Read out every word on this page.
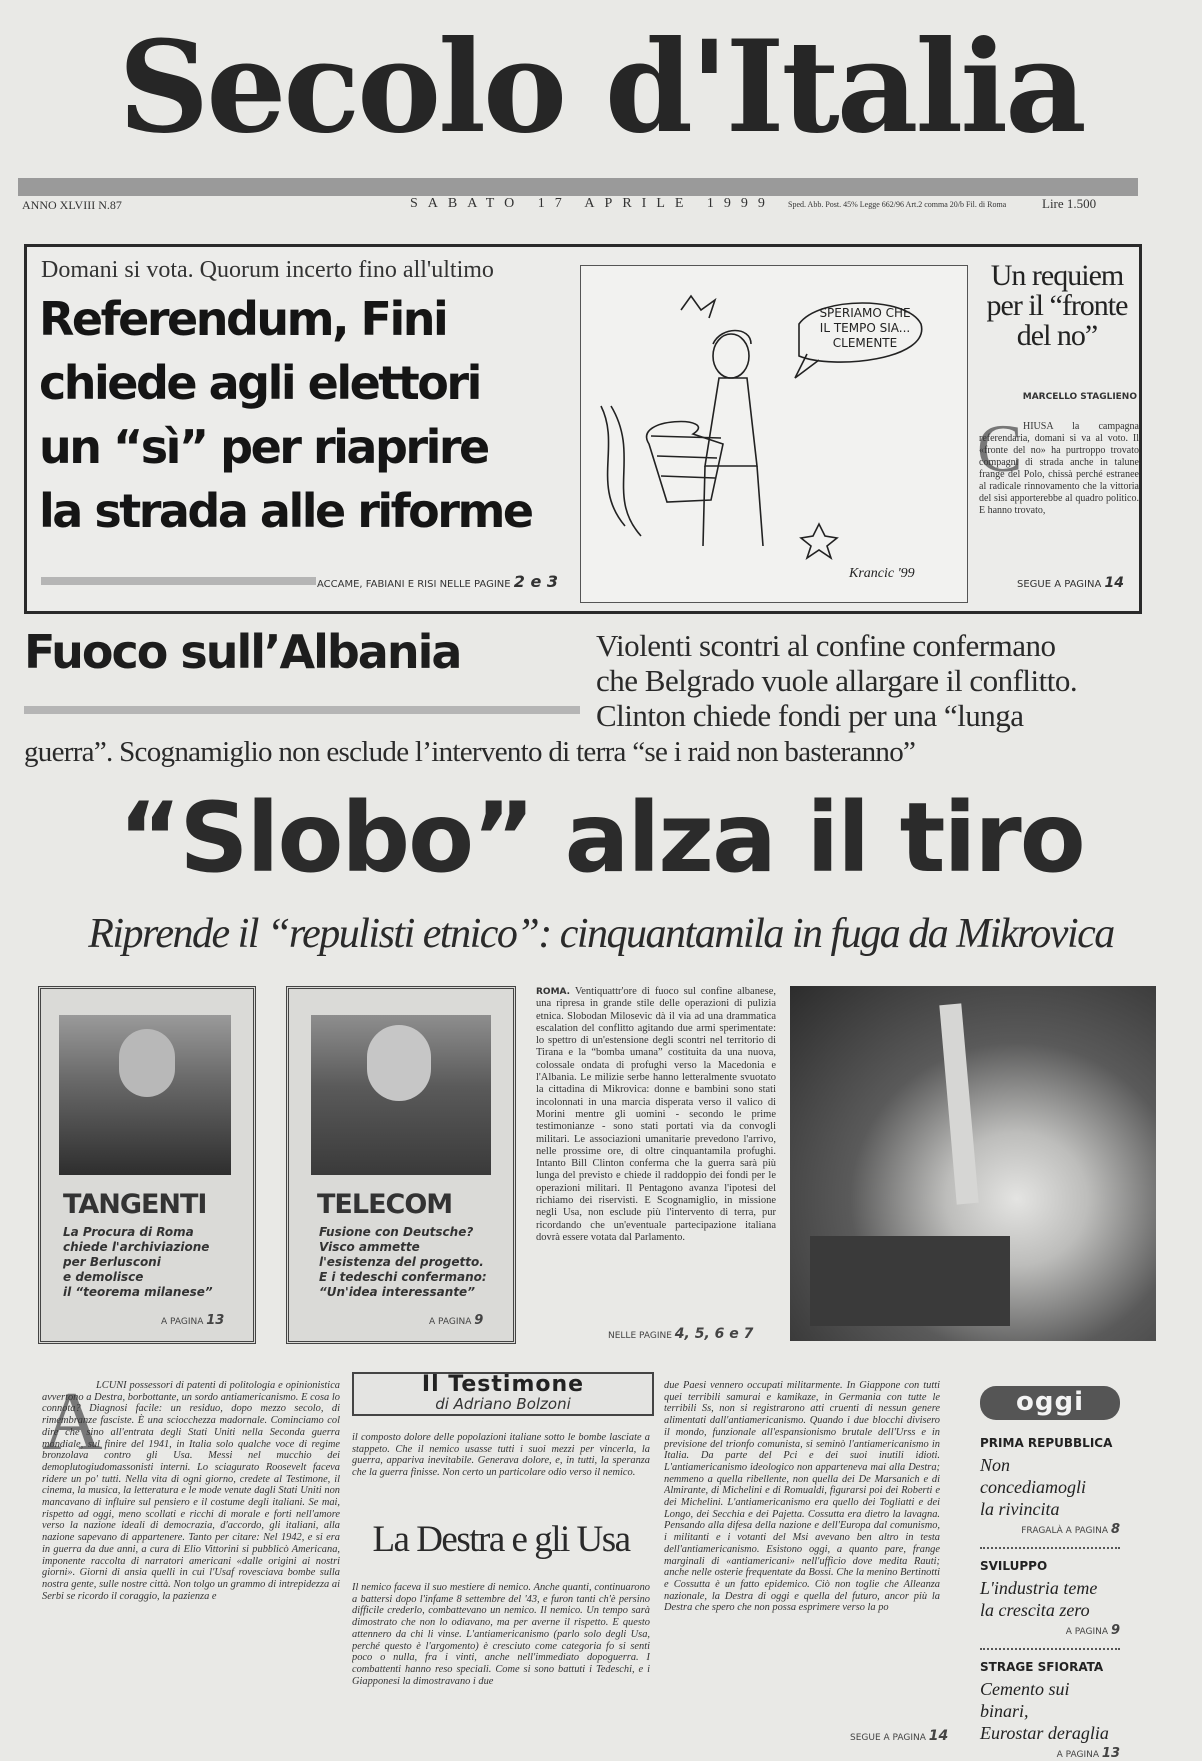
Secolo d'Italia
ANNO XLVIII N.87	SABATO 17 APRILE 1999 Sped. Abb. Post. 45% Legge 662/96 Art.2 comma 20/b Fil. di Roma	Lire 1.500
Domani si vota. Quorum incerto fino all'ultimo
Referendum, Fini
chiede agli elettori
un “sì” per riaprire
la strada alle riforme
ACCAME, FABIANI E RISI NELLE PAGINE 2 e 3
SPERIAMO CHE
IL TEMPO SIA...
CLEMENTE
Krancic '99
Un requiem
per il “fronte
del no”
MARCELLO STAGLIENO
C HIUSA la campagna referendaria, domani si va al voto. Il «fronte del no» ha purtroppo trovato compagni di strada anche in talune frange del Polo, chissà perché estranee al radicale rinnovamento che la vittoria del sìsì apporterebbe al quadro politico. E hanno trovato,
SEGUE A PAGINA 14
Fuoco sull’Albania	Violenti scontri al confine confermano
che Belgrado vuole allargare il conflitto.
Clinton chiede fondi per una “lunga
guerra”. Scognamiglio non esclude l’intervento di terra “se i raid non basteranno”
“Slobo” alza il tiro
Riprende il “repulisti etnico”: cinquantamila in fuga da Mikrovica
TANGENTI
La Procura di Roma
chiede l'archiviazione
per Berlusconi
e demolisce
il “teorema milanese”
A PAGINA 13
TELECOM
Fusione con Deutsche?
Visco ammette
l'esistenza del progetto.
E i tedeschi confermano:
“Un'idea interessante”
A PAGINA 9
ROMA. Ventiquattr'ore di fuoco sul confine albanese, una ripresa in grande stile delle operazioni di pulizia etnica. Slobodan Milosevic dà il via ad una drammatica escalation del conflitto agitando due armi sperimentate: lo spettro di un'estensione degli scontri nel territorio di Tirana e la “bomba umana” costituita da una nuova, colossale ondata di profughi verso la Macedonia e l'Albania. Le milizie serbe hanno letteralmente svuotato la cittadina di Mikrovica: donne e bambini sono stati incolonnati in una marcia disperata verso il valico di Morini mentre gli uomini - secondo le prime testimonianze - sono stati portati via da convogli militari. Le associazioni umanitarie prevedono l'arrivo, nelle prossime ore, di oltre cinquantamila profughi. Intanto Bill Clinton conferma che la guerra sarà più lunga del previsto e chiede il raddoppio dei fondi per le operazioni militari. Il Pentagono avanza l'ipotesi del richiamo dei riservisti. E Scognamiglio, in missione negli Usa, non esclude più l'intervento di terra, pur ricordando che un'eventuale partecipazione italiana dovrà essere votata dal Parlamento.
NELLE PAGINE 4, 5, 6 e 7
A
LCUNI possessori di patenti di politologia e opinionistica avvertono a Destra, borbottante, un sordo antiamericanismo. E cosa lo connota? Diagnosi facile: un residuo, dopo mezzo secolo, di rimembranze fasciste. È una sciocchezza madornale. Cominciamo col dire che sino all'entrata degli Stati Uniti nella Seconda guerra mondiale, sul finire del 1941, in Italia solo qualche voce di regime bronzolava contro gli Usa. Messi nel mucchio dei demoplutogiudomassonisti interni. Lo sciagurato Roosevelt faceva ridere un po' tutti. Nella vita di ogni giorno, credete al Testimone, il cinema, la musica, la letteratura e le mode venute dagli Stati Uniti non mancavano di influire sul pensiero e il costume degli italiani. Se mai, rispetto ad oggi, meno scollati e ricchi di morale e forti nell'amore verso la nazione ideali di democrazia, d'accordo, gli italiani, alla nazione sapevano di appartenere. Tanto per citare: Nel 1942, e si era in guerra da due anni, a cura di Elio Vittorini si pubblicò Americana, imponente raccolta di narratori americani «dalle origini ai nostri giorni». Giorni di ansia quelli in cui l'Usaf rovesciava bombe sulla nostra gente, sulle nostre città. Non tolgo un grammo di intrepidezza ai Serbi se ricordo il coraggio, la pazienza e
Il Testimone
di Adriano Bolzoni
il composto dolore delle popolazioni italiane sotto le bombe lasciate a stappeto. Che il nemico usasse tutti i suoi mezzi per vincerla, la guerra, appariva inevitabile. Generava dolore, e, in tutti, la speranza che la guerra finisse. Non certo un particolare odio verso il nemico.
La Destra e gli Usa
Il nemico faceva il suo mestiere di nemico. Anche quanti, continuarono a battersi dopo l'infame 8 settembre del '43, e furon tanti ch'è persino difficile crederlo, combattevano un nemico. Il nemico. Un tempo sarà dimostrato che non lo odiavano, ma per averne il rispetto. E questo attennero da chi li vinse. L'antiamericanismo (parlo solo degli Usa, perché questo è l'argomento) è cresciuto come categoria fo si senti poco o nulla, fra i vinti, anche nell'immediato dopoguerra. I combattenti hanno reso speciali. Come si sono battuti i Tedeschi, e i Giapponesi la dimostravano i due
due Paesi vennero occupati militarmente. In Giappone con tutti quei terribili samurai e kamikaze, in Germania con tutte le terribili Ss, non si registrarono atti cruenti di nessun genere alimentati dall'antiamericanismo. Quando i due blocchi divisero il mondo, funzionale all'espansionismo brutale dell'Urss e in previsione del trionfo comunista, si seminò l'antiamericanismo in Italia. Da parte del Pci e dei suoi inutili idioti. L'antiamericanismo ideologico non apparteneva mai alla Destra; nemmeno a quella ribellente, non quella dei De Marsanich e di Almirante, di Michelini e di Romualdi, figurarsi poi dei Roberti e dei Michelini. L'antiamericanismo era quello dei Togliatti e dei Longo, dei Secchia e dei Pajetta. Cossutta era dietro la lavagna. Pensando alla difesa della nazione e dell'Europa dal comunismo, i militanti e i votanti del Msi avevano ben altro in testa dell'antiamericanismo. Esistono oggi, a quanto pare, frange marginali di «antiamericani» nell'ufficio dove medita Rauti; anche nelle osterie frequentate da Bossi. Che la menino Bertinotti e Cossutta è un fatto epidemico. Ciò non toglie che Alleanza nazionale, la Destra di oggi e quella del futuro, ancor più la Destra che spero che non possa esprimere verso la po
SEGUE A PAGINA 14
oggi
PRIMA REPUBBLICA
Non concediamogli
la rivincita
FRAGALÀ A PAGINA 8
SVILUPPO
L'industria teme
la crescita zero
A PAGINA 9
STRAGE SFIORATA
Cemento sui binari,
Eurostar deraglia
A PAGINA 13
